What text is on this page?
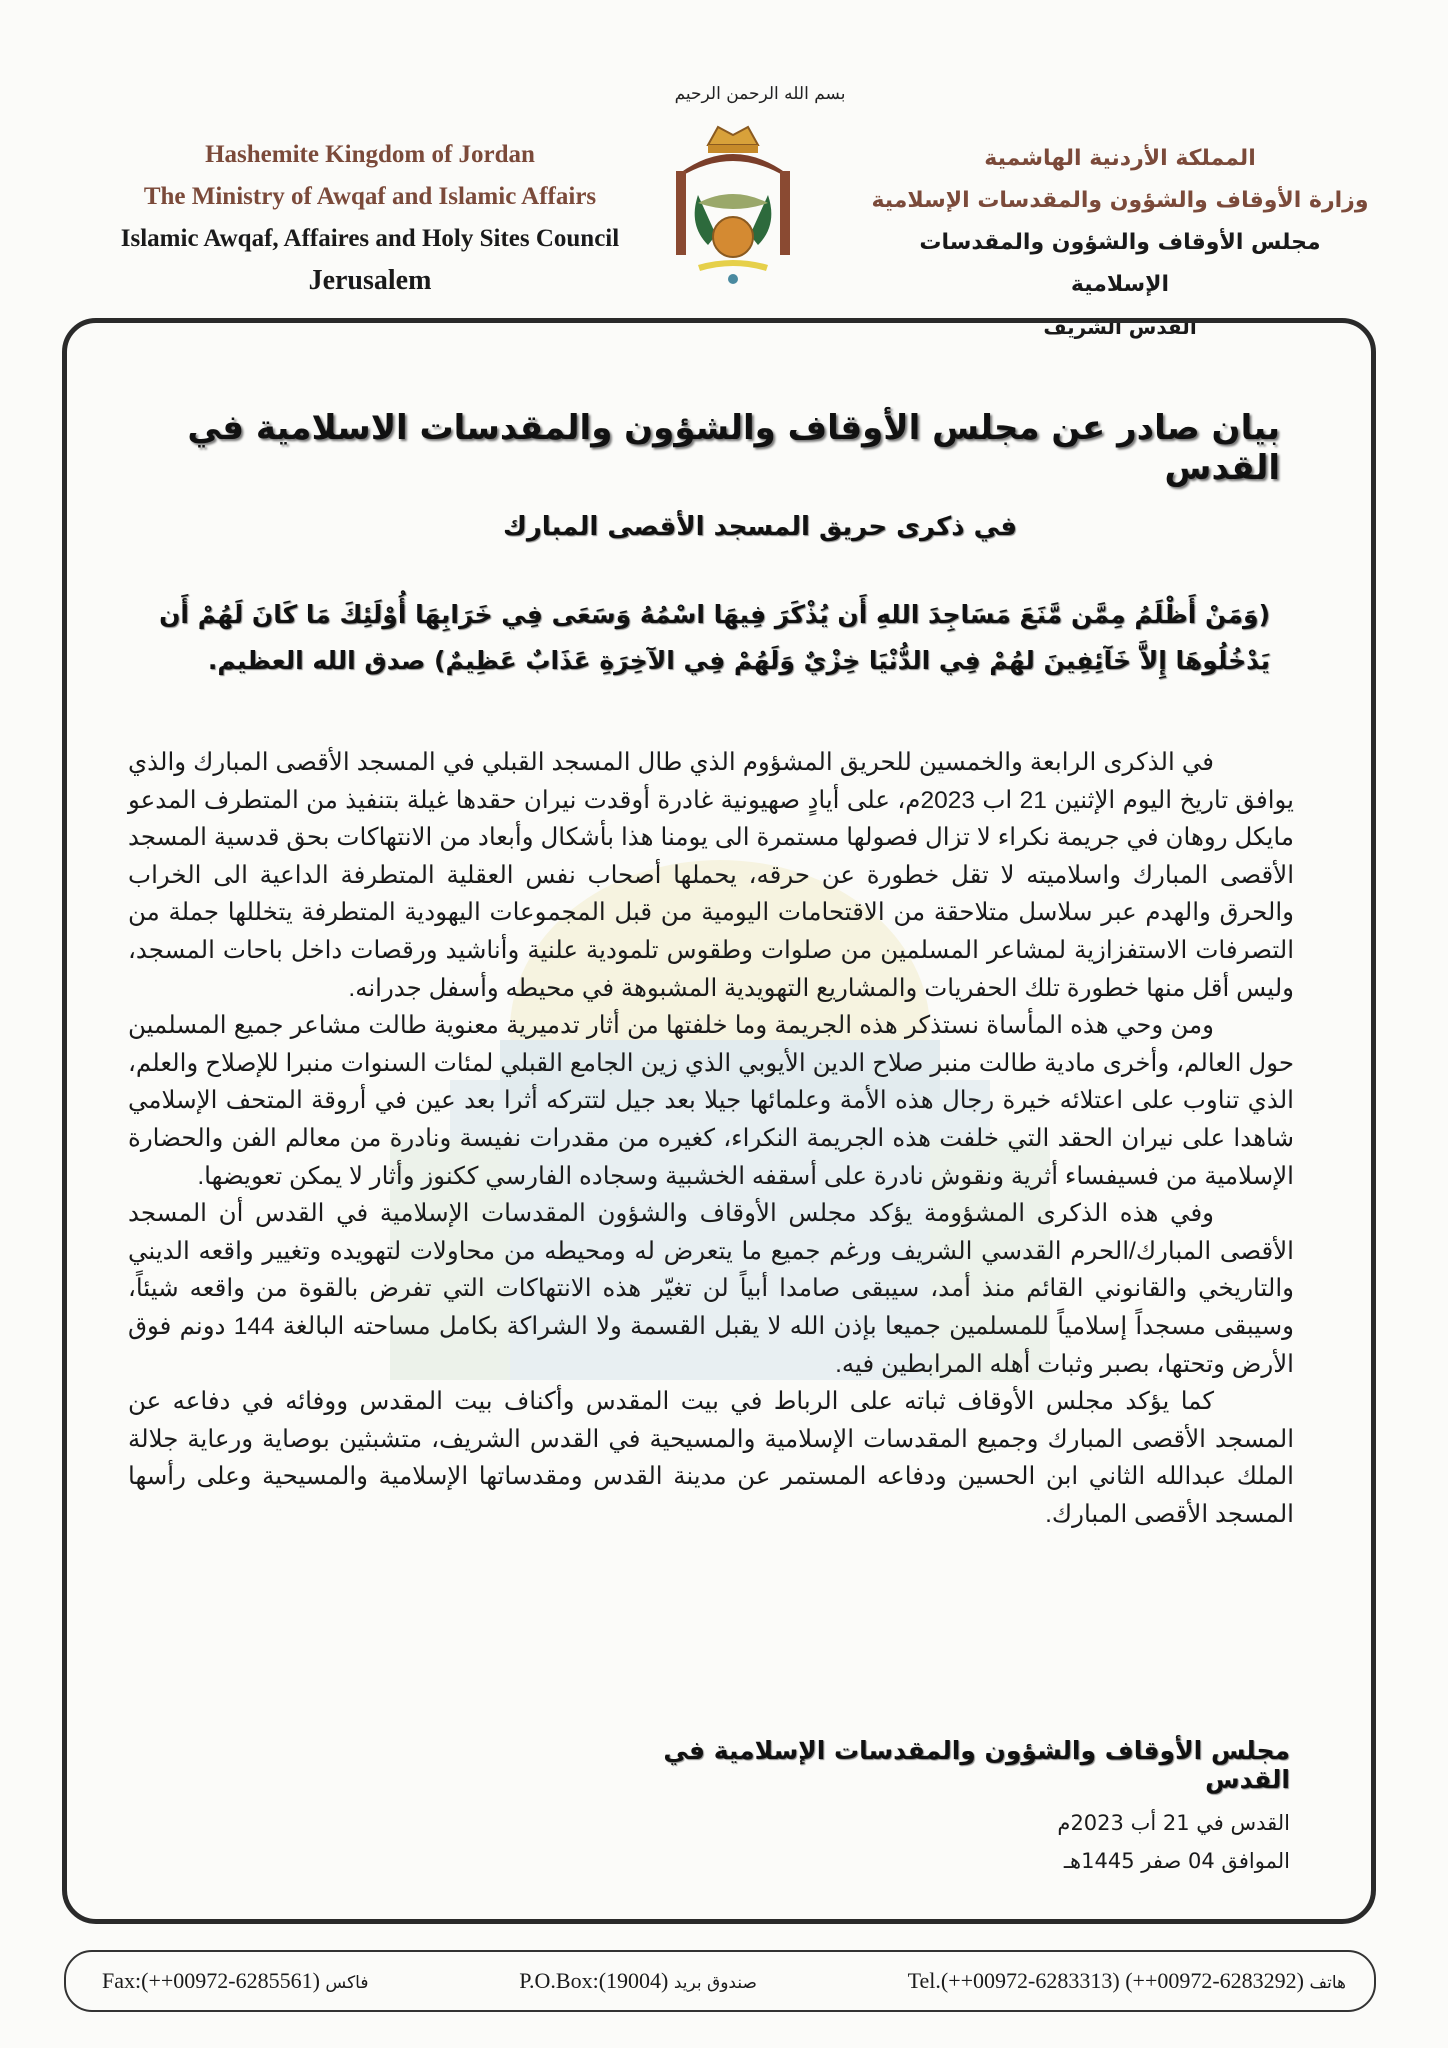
Hashemite Kingdom of Jordan
The Ministry of Awqaf and Islamic Affairs
Islamic Awqaf, Affaires and Holy Sites Council
Jerusalem
بسم الله الرحمن الرحيم
المملكة الأردنية الهاشمية
وزارة الأوقاف والشؤون والمقدسات الإسلامية
مجلس الأوقاف والشؤون والمقدسات الإسلامية
القدس الشريف
بيان صادر عن مجلس الأوقاف والشؤون والمقدسات الاسلامية في القدس
في ذكرى حريق المسجد الأقصى المبارك
(وَمَنْ أَظْلَمُ مِمَّن مَّنَعَ مَسَاجِدَ اللهِ أَن يُذْكَرَ فِيهَا اسْمُهُ وَسَعَى فِي خَرَابِهَا أُوْلَئِكَ مَا كَانَ لَهُمْ أَن يَدْخُلُوهَا إِلاَّ خَآئِفِينَ لهُمْ فِي الدُّنْيَا خِزْيٌ وَلَهُمْ فِي الآخِرَةِ عَذَابٌ عَظِيمٌ) صدق الله العظيم.

في الذكرى الرابعة والخمسين للحريق المشؤوم الذي طال المسجد القبلي في المسجد الأقصى المبارك والذي يوافق تاريخ اليوم الإثنين 21 اب 2023م، على أيادٍ صهيونية غادرة أوقدت نيران حقدها غيلة بتنفيذ من المتطرف المدعو مايكل روهان في جريمة نكراء لا تزال فصولها مستمرة الى يومنا هذا بأشكال وأبعاد من الانتهاكات بحق قدسية المسجد الأقصى المبارك واسلاميته لا تقل خطورة عن حرقه، يحملها أصحاب نفس العقلية المتطرفة الداعية الى الخراب والحرق والهدم عبر سلاسل متلاحقة من الاقتحامات اليومية من قبل المجموعات اليهودية المتطرفة يتخللها جملة من التصرفات الاستفزازية لمشاعر المسلمين من صلوات وطقوس تلمودية علنية وأناشيد ورقصات داخل باحات المسجد، وليس أقل منها خطورة تلك الحفريات والمشاريع التهويدية المشبوهة في محيطه وأسفل جدرانه.

ومن وحي هذه المأساة نستذكر هذه الجريمة وما خلفتها من أثار تدميرية معنوية طالت مشاعر جميع المسلمين حول العالم، وأخرى مادية طالت منبر صلاح الدين الأيوبي الذي زين الجامع القبلي لمئات السنوات منبرا للإصلاح والعلم، الذي تناوب على اعتلائه خيرة رجال هذه الأمة وعلمائها جيلا بعد جيل لتتركه أثرا بعد عين في أروقة المتحف الإسلامي شاهدا على نيران الحقد التي خلفت هذه الجريمة النكراء، كغيره من مقدرات نفيسة ونادرة من معالم الفن والحضارة الإسلامية من فسيفساء أثرية ونقوش نادرة على أسقفه الخشبية وسجاده الفارسي ككنوز وأثار لا يمكن تعويضها.

وفي هذه الذكرى المشؤومة يؤكد مجلس الأوقاف والشؤون المقدسات الإسلامية في القدس أن المسجد الأقصى المبارك/الحرم القدسي الشريف ورغم جميع ما يتعرض له ومحيطه من محاولات لتهويده وتغيير واقعه الديني والتاريخي والقانوني القائم منذ أمد، سيبقى صامدا أبياً لن تغيّر هذه الانتهاكات التي تفرض بالقوة من واقعه شيئاً، وسيبقى مسجداً إسلامياً للمسلمين جميعا بإذن الله لا يقبل القسمة ولا الشراكة بكامل مساحته البالغة 144 دونم فوق الأرض وتحتها، بصبر وثبات أهله المرابطين فيه.

كما يؤكد مجلس الأوقاف ثباته على الرباط في بيت المقدس وأكناف بيت المقدس ووفائه في دفاعه عن المسجد الأقصى المبارك وجميع المقدسات الإسلامية والمسيحية في القدس الشريف، متشبثين بوصاية ورعاية جلالة الملك عبدالله الثاني ابن الحسين ودفاعه المستمر عن مدينة القدس ومقدساتها الإسلامية والمسيحية وعلى رأسها المسجد الأقصى المبارك.

مجلس الأوقاف والشؤون والمقدسات الإسلامية في القدس
القدس في 21 أب 2023م
الموافق 04 صفر 1445هـ
Fax:(++00972-6285561) فاكس	P.O.Box:(19004) صندوق بريد	Tel.(++00972-6283313) (++00972-6283292) هاتف
